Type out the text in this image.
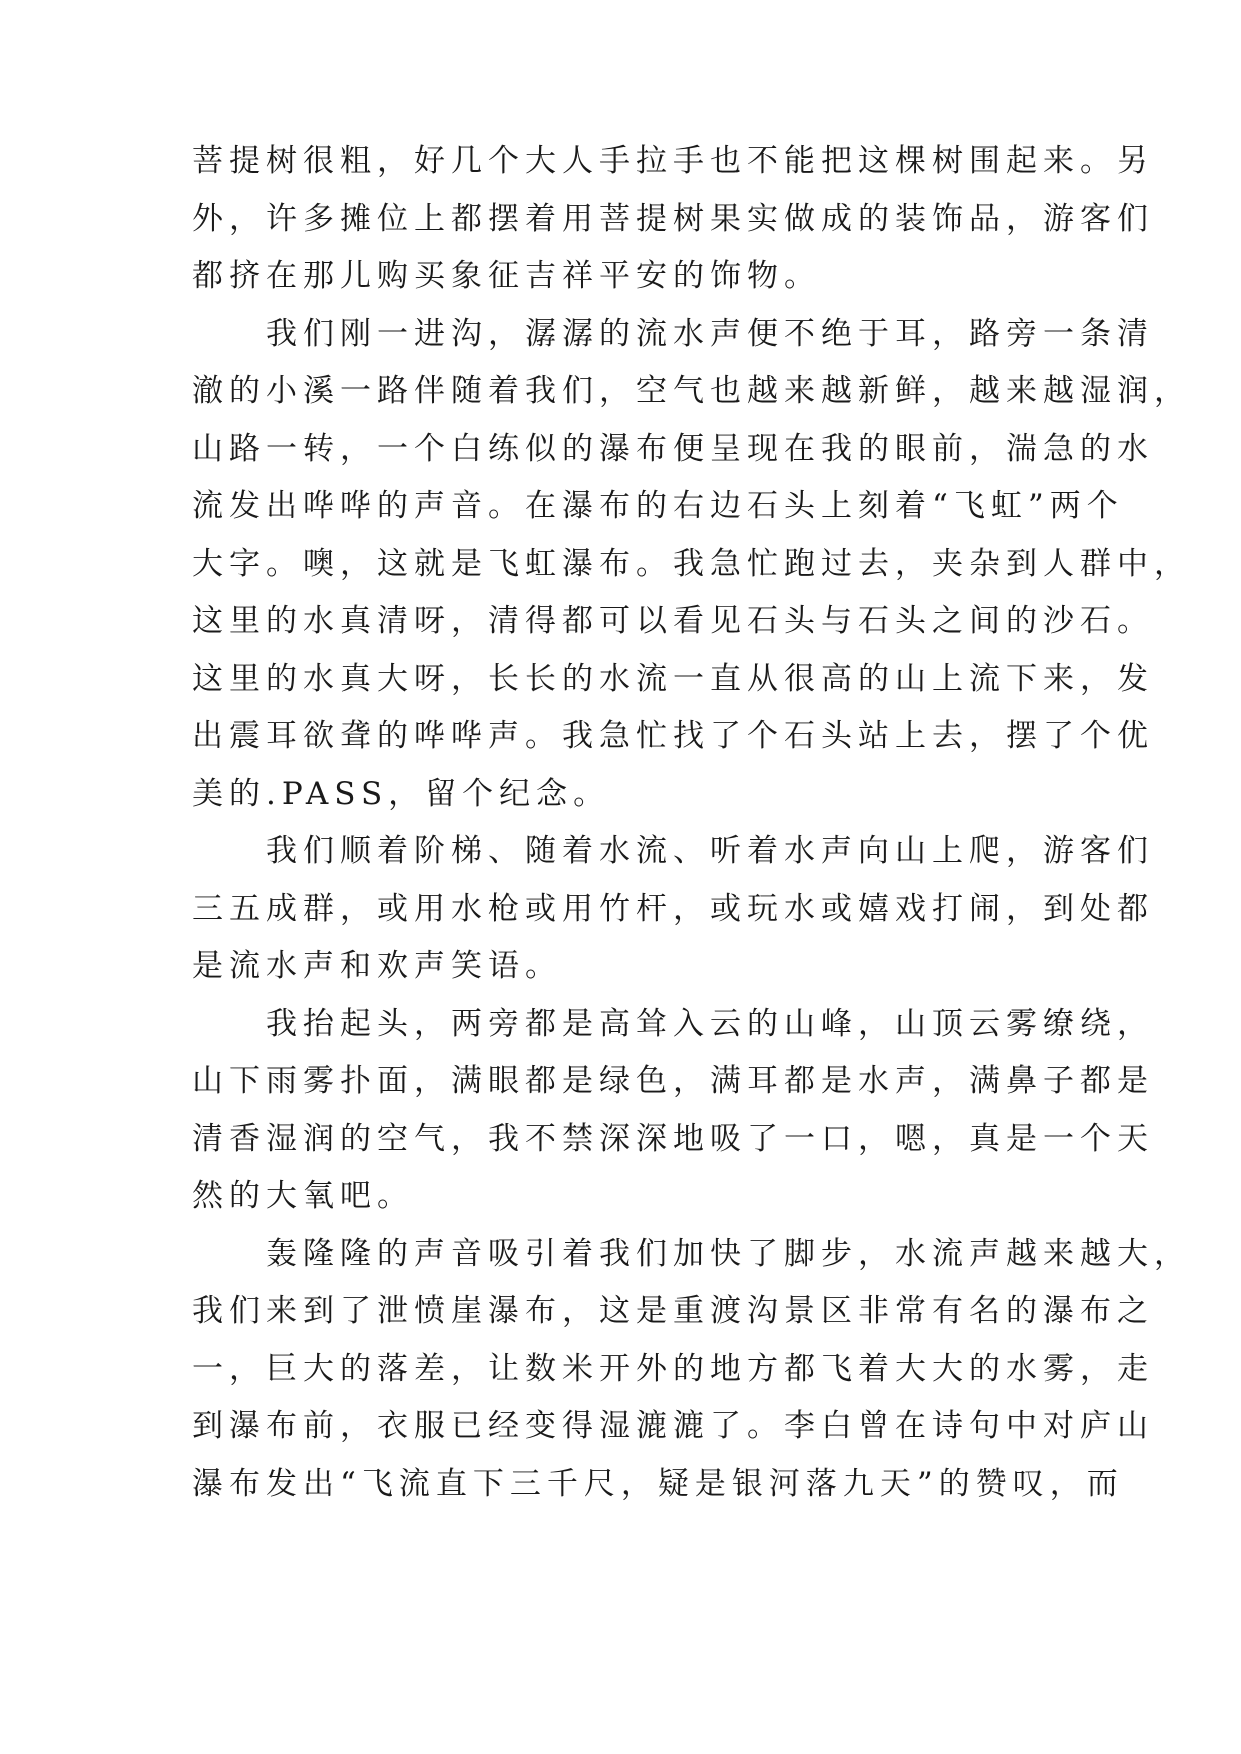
菩提树很粗，好几个大人手拉手也不能把这棵树围起来。另
外，许多摊位上都摆着用菩提树果实做成的装饰品，游客们
都挤在那儿购买象征吉祥平安的饰物。
我们刚一进沟，潺潺的流水声便不绝于耳，路旁一条清
澈的小溪一路伴随着我们，空气也越来越新鲜，越来越湿润，
山路一转，一个白练似的瀑布便呈现在我的眼前，湍急的水
流发出哗哗的声音。在瀑布的右边石头上刻着“飞虹”两个
大字。噢，这就是飞虹瀑布。我急忙跑过去，夹杂到人群中，
这里的水真清呀，清得都可以看见石头与石头之间的沙石。
这里的水真大呀，长长的水流一直从很高的山上流下来，发
出震耳欲聋的哗哗声。我急忙找了个石头站上去，摆了个优
美的.PASS，留个纪念。
我们顺着阶梯、随着水流、听着水声向山上爬，游客们
三五成群，或用水枪或用竹杆，或玩水或嬉戏打闹，到处都
是流水声和欢声笑语。
我抬起头，两旁都是高耸入云的山峰，山顶云雾缭绕，
山下雨雾扑面，满眼都是绿色，满耳都是水声，满鼻子都是
清香湿润的空气，我不禁深深地吸了一口，嗯，真是一个天
然的大氧吧。
轰隆隆的声音吸引着我们加快了脚步，水流声越来越大，
我们来到了泄愤崖瀑布，这是重渡沟景区非常有名的瀑布之
一，巨大的落差，让数米开外的地方都飞着大大的水雾，走
到瀑布前，衣服已经变得湿漉漉了。李白曾在诗句中对庐山
瀑布发出“飞流直下三千尺，疑是银河落九天”的赞叹，而
